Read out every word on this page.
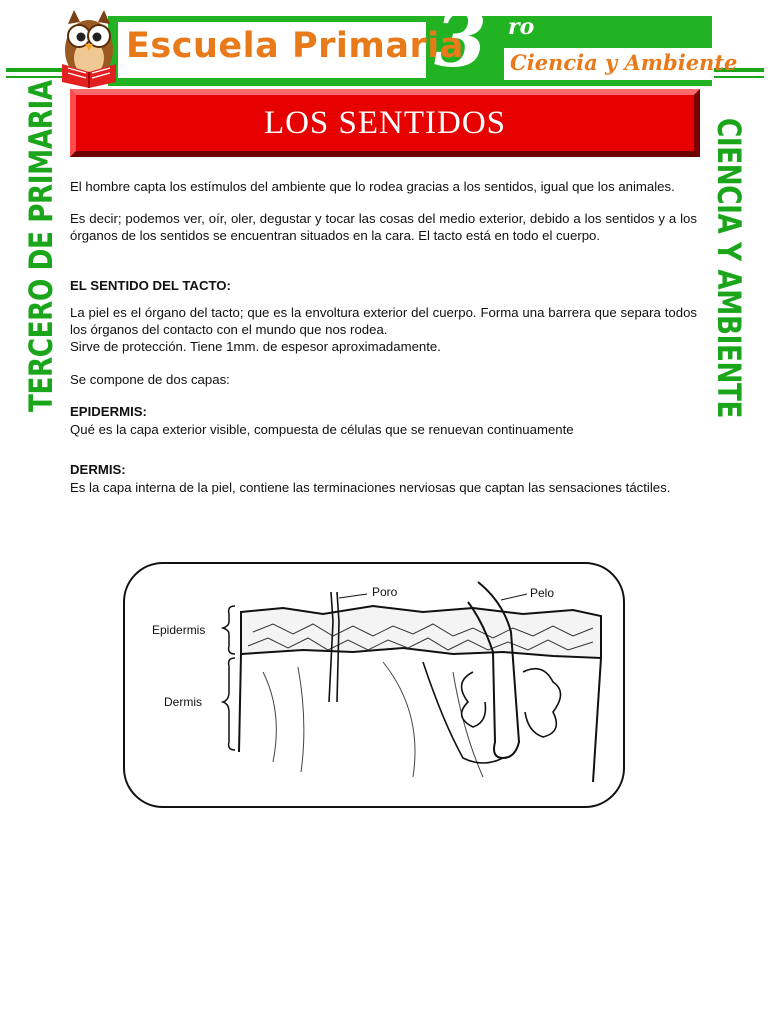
Escuela Primaria
3 ro
Ciencia y Ambiente
LOS SENTIDOS
TERCERO DE PRIMARIA	CIENCIA Y AMBIENTE
El hombre capta los estímulos del ambiente que lo rodea gracias a los sentidos, igual que los animales.
Es decir; podemos ver, oír, oler, degustar y tocar las cosas del medio exterior, debido a los sentidos y a los órganos de los sentidos se encuentran situados en la cara. El tacto está en todo el cuerpo.
EL SENTIDO DEL TACTO:
La piel es el órgano del tacto; que es la envoltura exterior del cuerpo. Forma una barrera que separa todos los órganos del contacto con el mundo que nos rodea.
Sirve de protección. Tiene 1mm. de espesor aproximadamente.
Se compone de dos capas:
EPIDERMIS:
Qué es la capa exterior visible, compuesta de células que se renuevan continuamente
DERMIS:
Es la capa interna de la piel, contiene las terminaciones nerviosas que captan las sensaciones táctiles.
Poro	Pelo
Epidermis
Dermis
